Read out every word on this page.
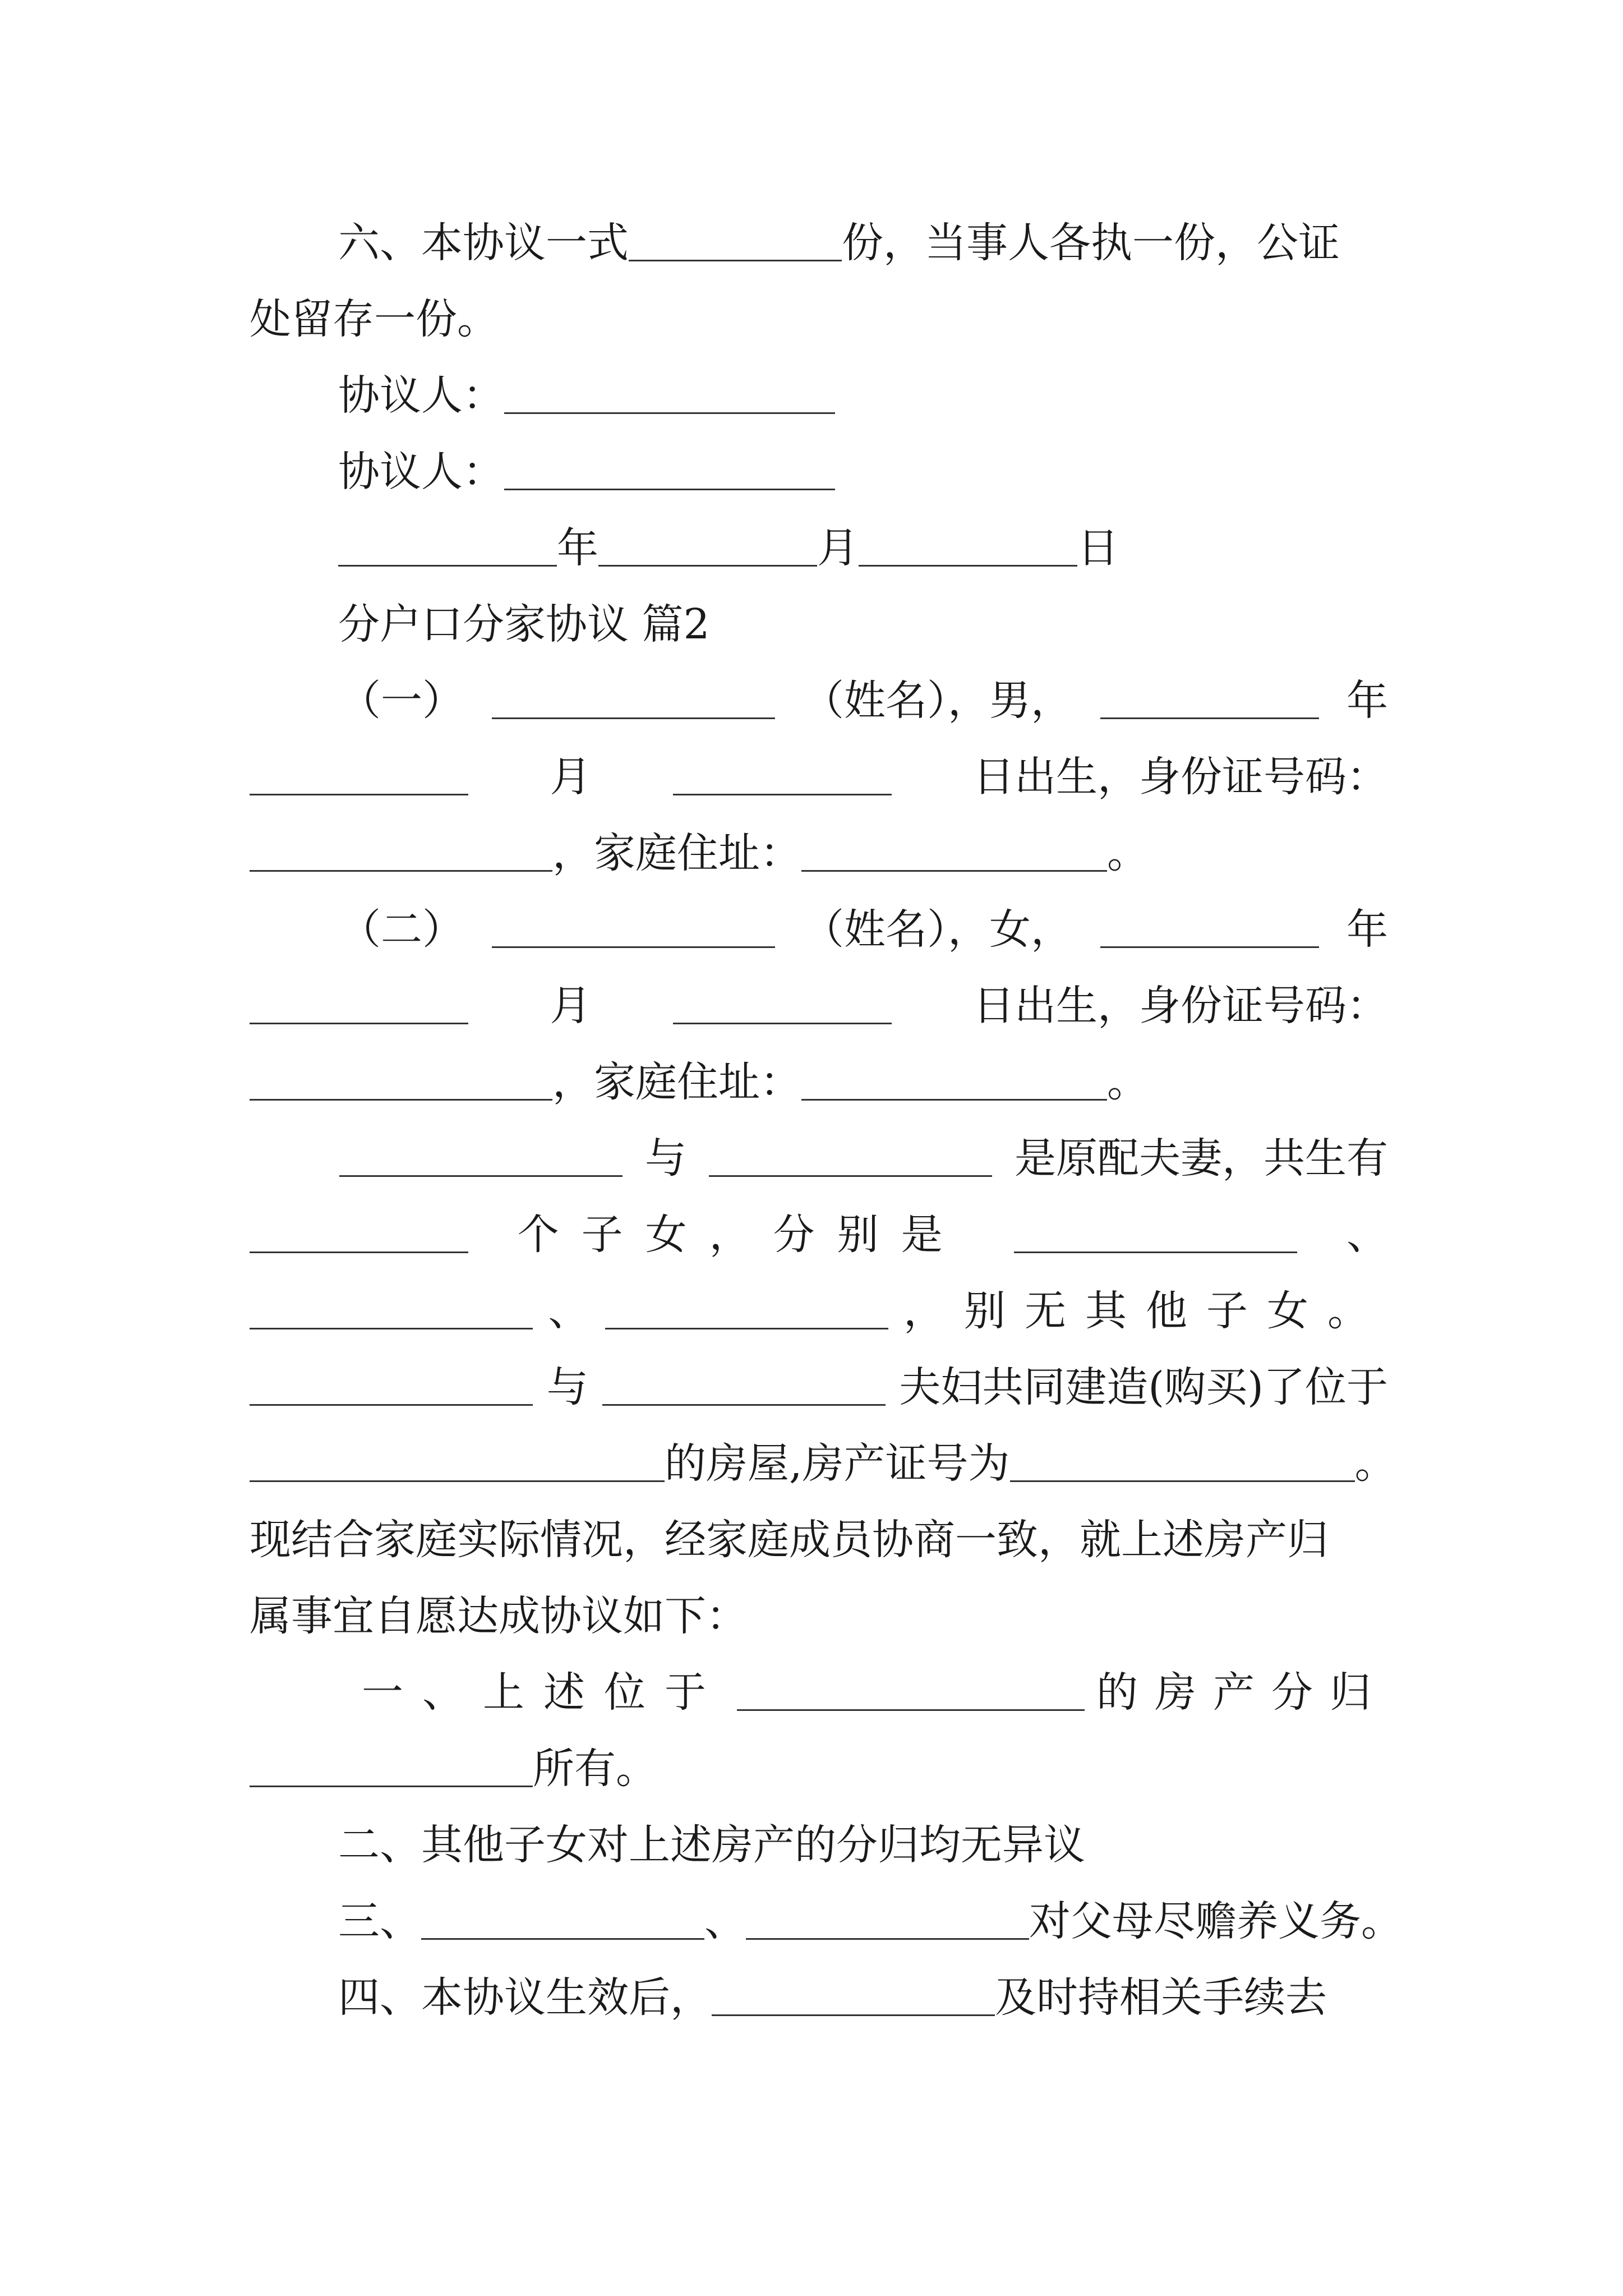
六、本协议一式	份，当事人各执一份，公证
处留存一份。
协议人：
协议人：
年	月	日
分户口分家协议 篇2
（一）	（姓名），男，	年
月	日出生，身份证号码：
，家庭住址：	。
（二）	（姓名），女，	年
月	日出生，身份证号码：
，家庭住址：	。
与	是原配夫妻，共生有
个子女，分别是	、
、	，别无其他子女。
与	夫妇共同建造(购买)了位于
的房屋,房产证号为	。
现结合家庭实际情况，经家庭成员协商一致，就上述房产归
属事宜自愿达成协议如下：
一、上述位于	的房产分归
所有。
二、其他子女对上述房产的分归均无异议
三、	、	对父母尽赡养义务。
四、本协议生效后，	及时持相关手续去
